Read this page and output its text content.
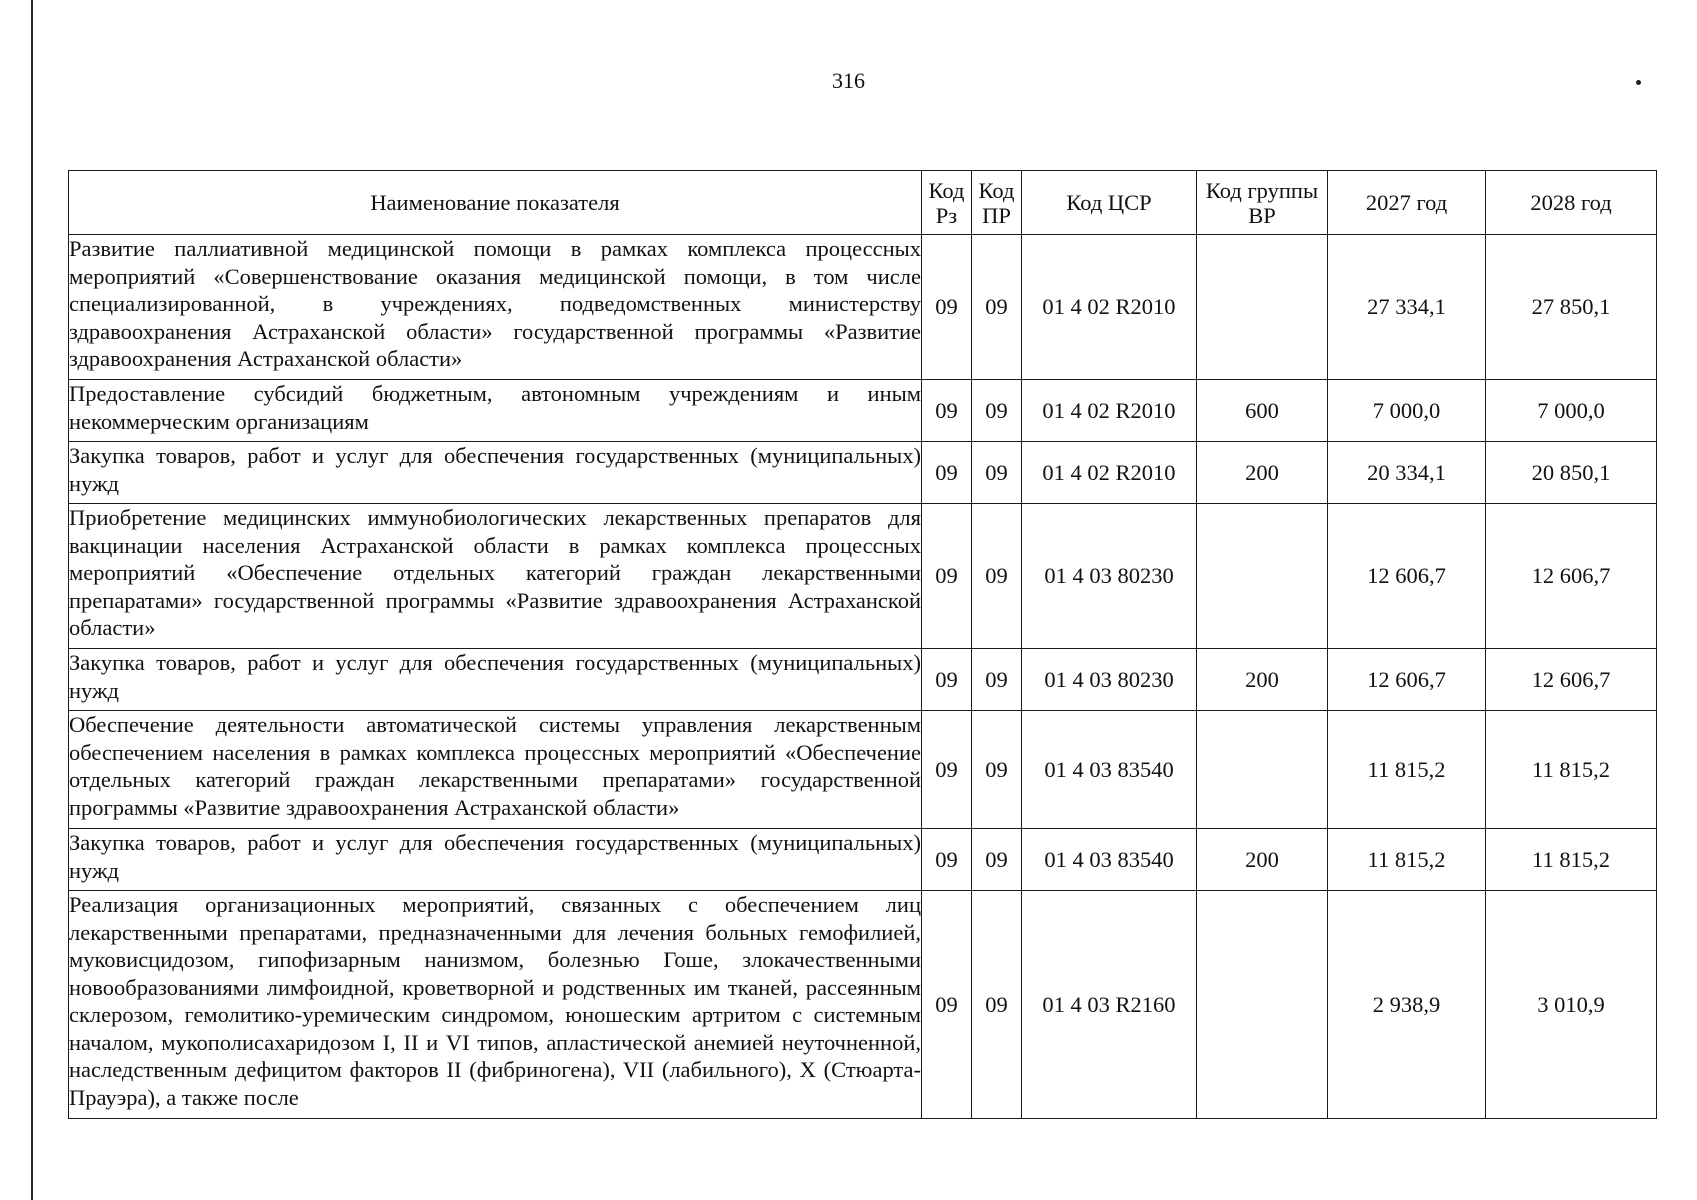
316
Наименование показателя	Код Рз	Код ПР	Код ЦСР	Код группы ВР	2027 год	2028 год
Развитие паллиативной медицинской помощи в рамках комплекса процессных мероприятий «Совершенствование оказания медицинской помощи, в том числе специализированной, в учреждениях, подведомственных министерству здравоохранения Астраханской области» государственной программы «Развитие здравоохранения Астраханской области»	09	09	01 4 02 R2010		27 334,1	27 850,1
Предоставление субсидий бюджетным, автономным учреждениям и иным некоммерческим организациям	09	09	01 4 02 R2010	600	7 000,0	7 000,0
Закупка товаров, работ и услуг для обеспечения государственных (муниципальных) нужд	09	09	01 4 02 R2010	200	20 334,1	20 850,1
Приобретение медицинских иммунобиологических лекарственных препаратов для вакцинации населения Астраханской области в рамках комплекса процессных мероприятий «Обеспечение отдельных категорий граждан лекарственными препаратами» государственной программы «Развитие здравоохранения Астраханской области»	09	09	01 4 03 80230		12 606,7	12 606,7
Закупка товаров, работ и услуг для обеспечения государственных (муниципальных) нужд	09	09	01 4 03 80230	200	12 606,7	12 606,7
Обеспечение деятельности автоматической системы управления лекарственным обеспечением населения в рамках комплекса процессных мероприятий «Обеспечение отдельных категорий граждан лекарственными препаратами» государственной программы «Развитие здравоохранения Астраханской области»	09	09	01 4 03 83540		11 815,2	11 815,2
Закупка товаров, работ и услуг для обеспечения государственных (муниципальных) нужд	09	09	01 4 03 83540	200	11 815,2	11 815,2
Реализация организационных мероприятий, связанных с обеспечением лиц лекарственными препаратами, предназначенными для лечения больных гемофилией, муковисцидозом, гипофизарным нанизмом, болезнью Гоше, злокачественными новообразованиями лимфоидной, кроветворной и родственных им тканей, рассеянным склерозом, гемолитико-уремическим синдромом, юношеским артритом с системным началом, мукополисахаридозом I, II и VI типов, апластической анемией неуточненной, наследственным дефицитом факторов II (фибриногена), VII (лабильного), X (Стюарта-Прауэра), а также после	09	09	01 4 03 R2160		2 938,9	3 010,9
